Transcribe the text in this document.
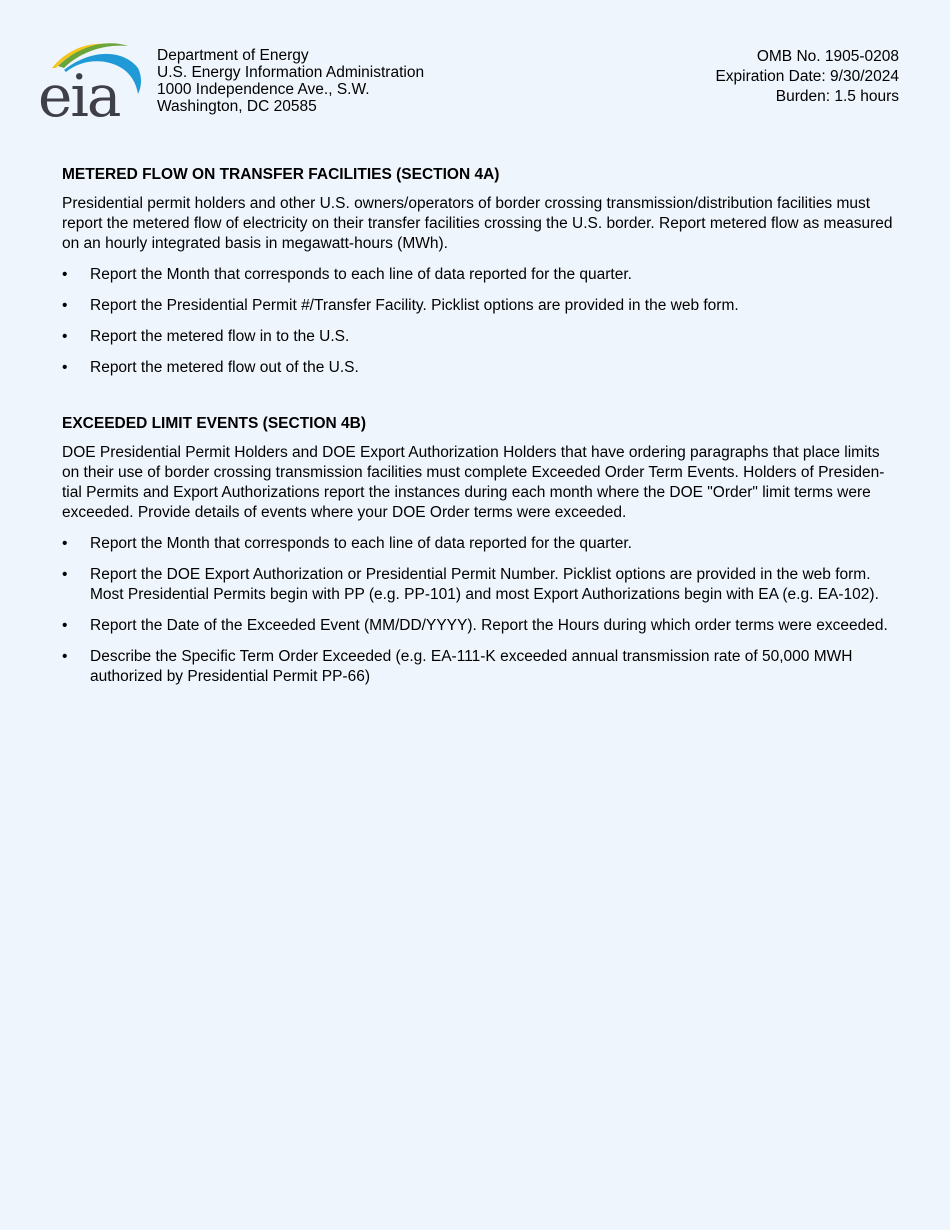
eia
Department of Energy
U.S. Energy Information Administration
1000 Independence Ave., S.W.
Washington, DC 20585
OMB No. 1905-0208
Expiration Date: 9/30/2024
Burden: 1.5 hours
METERED FLOW ON TRANSFER FACILITIES (SECTION 4A)
Presidential permit holders and other U.S. owners/operators of border crossing transmission/distribution facilities must report the metered flow of electricity on their transfer facilities crossing the U.S. border. Report metered flow as measured on an hourly integrated basis in megawatt-hours (MWh).
• Report the Month that corresponds to each line of data reported for the quarter.
• Report the Presidential Permit #/Transfer Facility. Picklist options are provided in the web form.
• Report the metered flow in to the U.S.
• Report the metered flow out of the U.S.
EXCEEDED LIMIT EVENTS (SECTION 4B)
DOE Presidential Permit Holders and DOE Export Authorization Holders that have ordering paragraphs that place limits on their use of border crossing transmission facilities must complete Exceeded Order Term Events. Holders of Presiden-tial Permits and Export Authorizations report the instances during each month where the DOE "Order" limit terms were exceeded. Provide details of events where your DOE Order terms were exceeded.
• Report the Month that corresponds to each line of data reported for the quarter.
• Report the DOE Export Authorization or Presidential Permit Number. Picklist options are provided in the web form. Most Presidential Permits begin with PP (e.g. PP-101) and most Export Authorizations begin with EA (e.g. EA-102).
• Report the Date of the Exceeded Event (MM/DD/YYYY). Report the Hours during which order terms were exceeded.
• Describe the Specific Term Order Exceeded (e.g. EA-111-K exceeded annual transmission rate of 50,000 MWH authorized by Presidential Permit PP-66)
